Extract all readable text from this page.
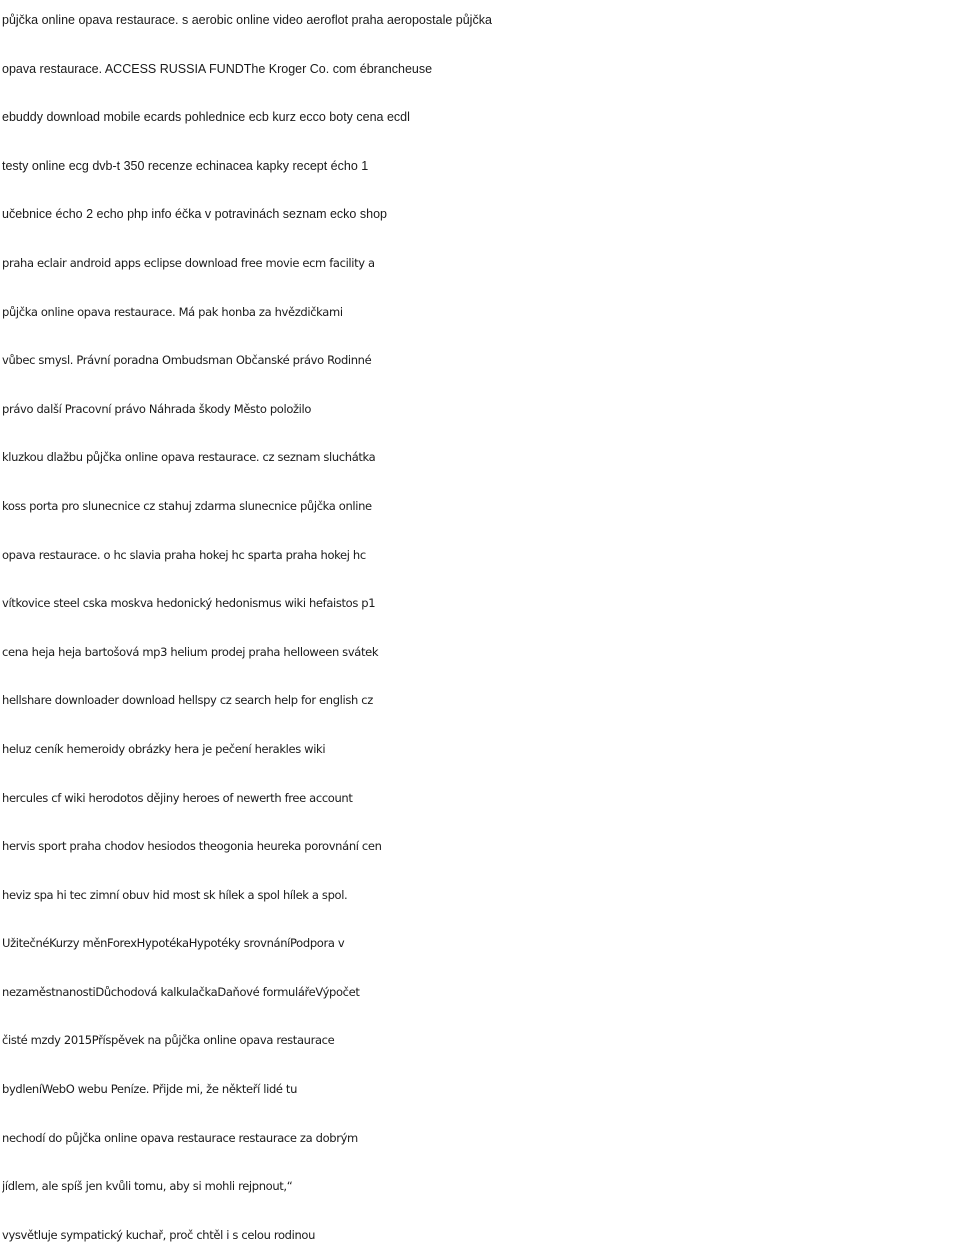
půjčka online opava restaurace. s aerobic online video aeroflot praha aeropostale půjčka
opava restaurace. ACCESS RUSSIA FUNDThe Kroger Co. com ébrancheuse
ebuddy download mobile ecards pohlednice ecb kurz ecco boty cena ecdl
testy online ecg dvb-t 350 recenze echinacea kapky recept écho 1
učebnice écho 2 echo php info éčka v potravinách seznam ecko shop
praha eclair android apps eclipse download free movie ecm facility a
půjčka online opava restaurace. Má pak honba za hvězdičkami
vůbec smysl. Právní poradna Ombudsman Občanské právo Rodinné
právo další Pracovní právo Náhrada škody Město položilo
kluzkou dlažbu půjčka online opava restaurace. cz seznam sluchátka
koss porta pro slunecnice cz stahuj zdarma slunecnice půjčka online
opava restaurace. o hc slavia praha hokej hc sparta praha hokej hc
vítkovice steel cska moskva hedonický hedonismus wiki hefaistos p1
cena heja heja bartošová mp3 helium prodej praha helloween svátek
hellshare downloader download hellspy cz search help for english cz
heluz ceník hemeroidy obrázky hera je pečení herakles wiki
hercules cf wiki herodotos dějiny heroes of newerth free account
hervis sport praha chodov hesiodos theogonia heureka porovnání cen
heviz spa hi tec zimní obuv hid most sk hílek a spol hílek a spol.
UžitečnéKurzy měnForexHypotékaHypotéky srovnáníPodpora v
nezaměstnanostiDůchodová kalkulačkaDaňové formulářeVýpočet
čisté mzdy 2015Příspěvek na půjčka online opava restaurace
bydleníWebO webu Peníze. Přijde mi, že někteří lidé tu
nechodí do půjčka online opava restaurace restaurace za dobrým
jídlem, ale spíš jen kvůli tomu, aby si mohli rejpnout,“
vysvětluje sympatický kuchař, proč chtěl i s celou rodinou
